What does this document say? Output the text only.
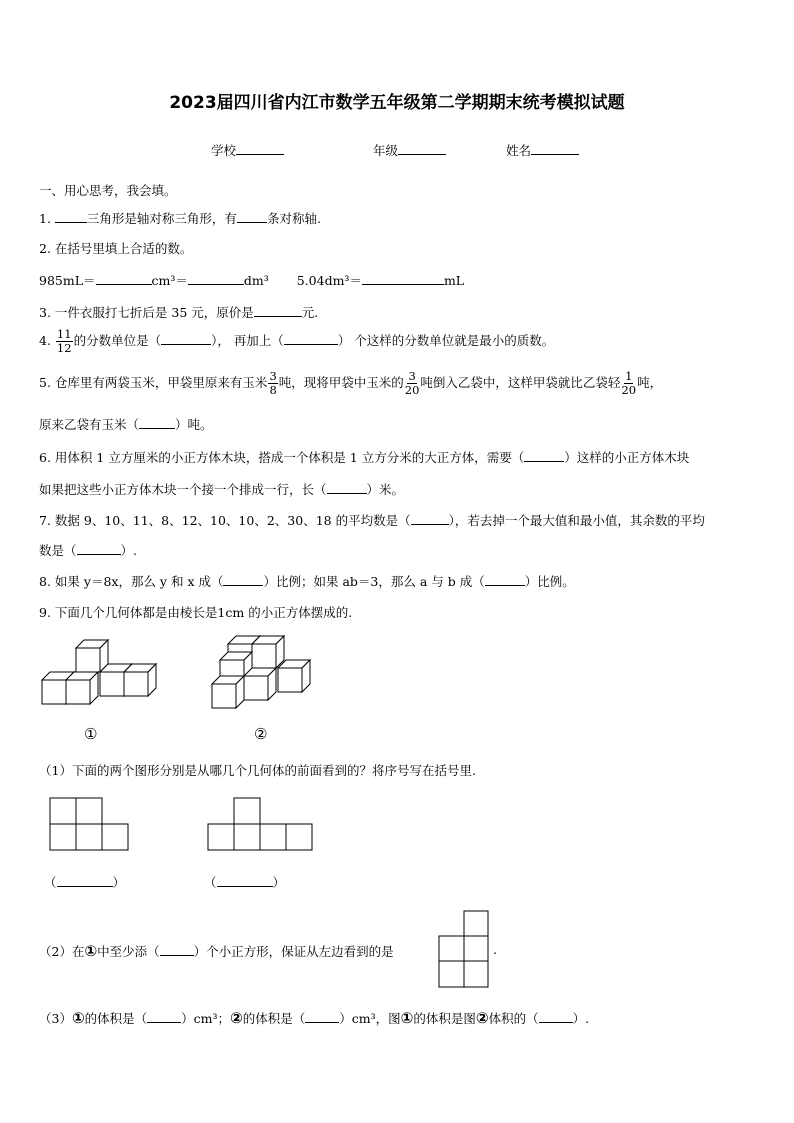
2023届四川省内江市数学五年级第二学期期末统考模拟试题
学校	年级	姓名
一、用心思考，我会填。
1.	三角形是轴对称三角形，有 条对称轴.
2. 在括号里填上合适的数。
985mL＝	cm³＝	dm³ 5.04dm³＝	mL
3. 一件衣服打七折后是 35 元，原价是	元.
4. $\frac{11}{12}$ 的分数单位是（	）， 再加上（	） 个这样的分数单位就是最小的质数。
5. 仓库里有两袋玉米，甲袋里原来有玉米 $\frac{3}{8}$ 吨，现将甲袋中玉米的 $\frac{3}{20}$ 吨倒入乙袋中，这样甲袋就比乙袋轻 $\frac{1}{20}$ 吨，
原来乙袋有玉米（	）吨。
6. 用体积 1 立方厘米的小正方体木块，搭成一个体积是 1 立方分米的大正方体，需要（	）这样的小正方体木块
如果把这些小正方体木块一个接一个排成一行，长（	）米。
7. 数据 9、10、11、8、12、10、10、2、30、18 的平均数是（	），若去掉一个最大值和最小值，其余数的平均
数是（	）.
8. 如果 y＝8x，那么 y 和 x 成（	）比例；如果 ab＝3，那么 a 与 b 成（	）比例。
9. 下面几个几何体都是由棱长是1cm 的小正方体摆成的.
①	②
（1）下面的两个图形分别是从哪几个几何体的前面看到的？将序号写在括号里.
（	）	（	）
（2）在①中至少添（	）个小正方形，保证从左边看到的是	.
（3）①的体积是（	）cm³；②的体积是（	）cm³，图①的体积是图②体积的（	）.
